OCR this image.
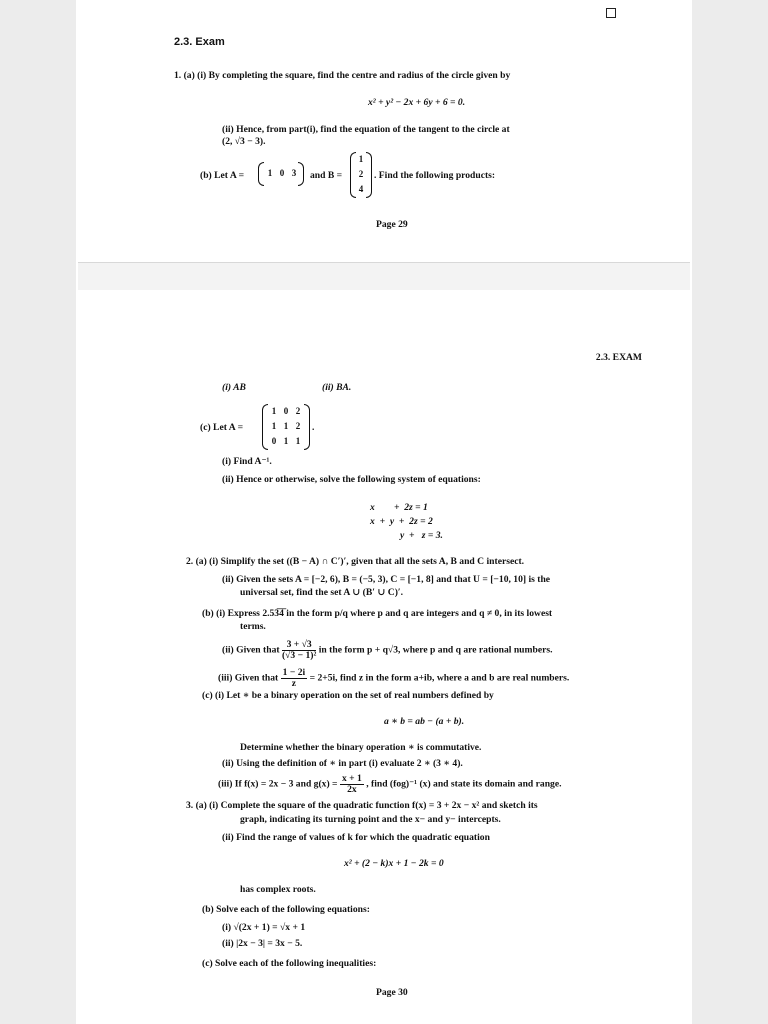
2.3. Exam
1. (a) (i) By completing the square, find the centre and radius of the circle given by
x² + y² − 2x + 6y + 6 = 0.
(ii) Hence, from part(i), find the equation of the tangent to the circle at
(2, √3 − 3).
(b) Let A =	1 0 3	and B =
1
2
4
. Find the following products:
Page 29
2.3. EXAM
(i) AB	(ii) BA.
(c) Let A =
1 0 2
1 1 2
0 1 1
.
(i) Find A⁻¹.
(ii) Hence or otherwise, solve the following system of equations:
x        +  2z = 1
x  +  y  +  2z = 2
y  +   z = 3.
2. (a) (i) Simplify the set ((B − A) ∩ C′)′, given that all the sets A, B and C intersect.
(ii) Given the sets A = [−2, 6), B = (−5, 3), C = [−1, 8] and that U = [−10, 10] is the
universal set, find the set A ∪ (B′ ∪ C)′.
(b) (i) Express 2.53̅4̅ in the form p/q where p and q are integers and q ≠ 0, in its lowest
terms.
(ii) Given that $\frac{3 + √3}{\text{(√3 − 1)²}}$ in the form p + q√3, where p and q are rational numbers.
(iii) Given that $\frac{1 - 2i}{z} = 2+5i$, find z in the form a+ib, where a and b are real numbers.
(c) (i) Let ∗ be a binary operation on the set of real numbers defined by
a ∗ b = ab − (a + b).
Determine whether the binary operation ∗ is commutative.
(ii) Using the definition of ∗ in part (i) evaluate 2 ∗ (3 ∗ 4).
(iii) If f(x) = 2x − 3 and $g(x) = \frac{x + 1}{2x}$ , find (fog)⁻¹ (x) and state its domain and range.
3. (a) (i) Complete the square of the quadratic function f(x) = 3 + 2x − x² and sketch its
graph, indicating its turning point and the x− and y− intercepts.
(ii) Find the range of values of k for which the quadratic equation
x² + (2 − k)x + 1 − 2k = 0
has complex roots.
(b) Solve each of the following equations:
(i) √(2x + 1) = √x + 1
(ii) |2x − 3| = 3x − 5.
(c) Solve each of the following inequalities:
Page 30
